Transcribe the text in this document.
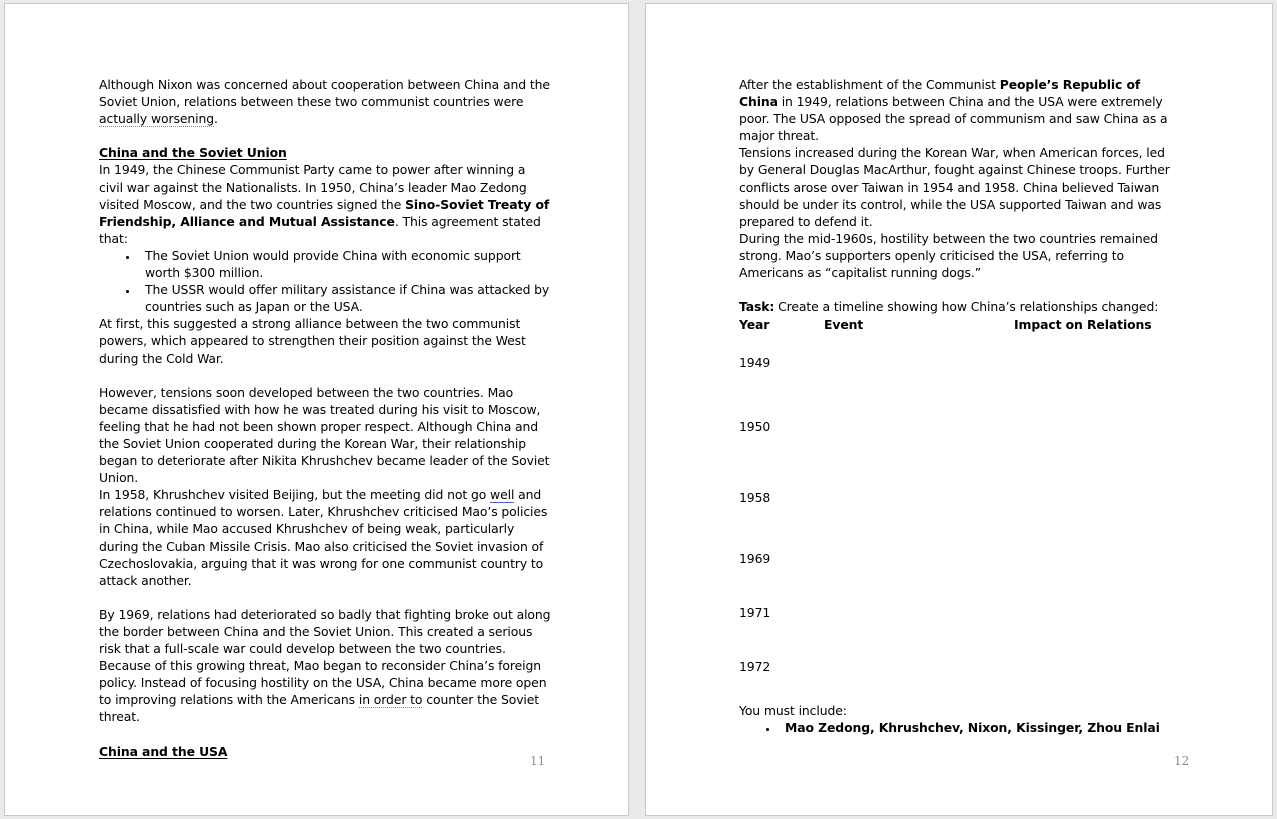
Although Nixon was concerned about cooperation between China and the Soviet Union, relations between these two communist countries were actually worsening.

China and the Soviet Union

In 1949, the Chinese Communist Party came to power after winning a civil war against the Nationalists. In 1950, China’s leader Mao Zedong visited Moscow, and the two countries signed the Sino-Soviet Treaty of Friendship, Alliance and Mutual Assistance. This agreement stated that:

• The Soviet Union would provide China with economic support worth $300 million.
• The USSR would offer military assistance if China was attacked by countries such as Japan or the USA.

At first, this suggested a strong alliance between the two communist powers, which appeared to strengthen their position against the West during the Cold War.

However, tensions soon developed between the two countries. Mao became dissatisfied with how he was treated during his visit to Moscow, feeling that he had not been shown proper respect. Although China and the Soviet Union cooperated during the Korean War, their relationship began to deteriorate after Nikita Khrushchev became leader of the Soviet Union.

In 1958, Khrushchev visited Beijing, but the meeting did not go well and relations continued to worsen. Later, Khrushchev criticised Mao’s policies in China, while Mao accused Khrushchev of being weak, particularly during the Cuban Missile Crisis. Mao also criticised the Soviet invasion of Czechoslovakia, arguing that it was wrong for one communist country to attack another.

By 1969, relations had deteriorated so badly that fighting broke out along the border between China and the Soviet Union. This created a serious risk that a full-scale war could develop between the two countries.

Because of this growing threat, Mao began to reconsider China’s foreign policy. Instead of focusing hostility on the USA, China became more open to improving relations with the Americans in order to counter the Soviet threat.

China and the USA

11

After the establishment of the Communist People’s Republic of China in 1949, relations between China and the USA were extremely poor. The USA opposed the spread of communism and saw China as a major threat.

Tensions increased during the Korean War, when American forces, led by General Douglas MacArthur, fought against Chinese troops. Further conflicts arose over Taiwan in 1954 and 1958. China believed Taiwan should be under its control, while the USA supported Taiwan and was prepared to defend it.

During the mid-1960s, hostility between the two countries remained strong. Mao’s supporters openly criticised the USA, referring to Americans as “capitalist running dogs.”

Task: Create a timeline showing how China’s relationships changed:

Year	Event	Impact on Relations
1949
1950
1958
1969
1971
1972

You must include:

• Mao Zedong, Khrushchev, Nixon, Kissinger, Zhou Enlai
12
